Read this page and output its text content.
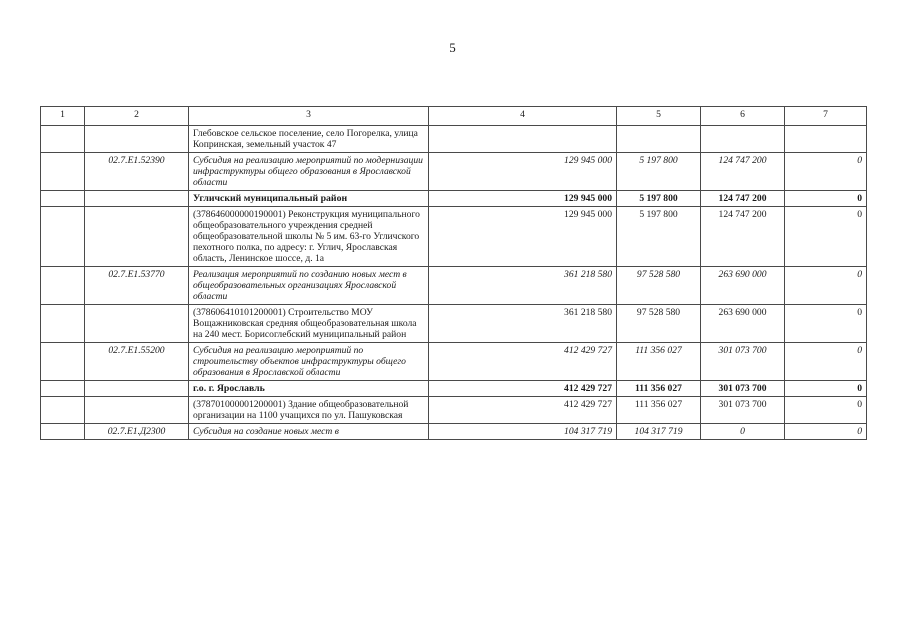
5
1	2	3	4	5	6	7
		Глебовское сельское поселение, село Погорелка, улица Копринская, земельный участок 47				
	02.7.E1.52390	Субсидия на реализацию мероприятий по модернизации инфраструктуры общего образования в Ярославской области	129 945 000	5 197 800	124 747 200	0
		Угличский муниципальный район	129 945 000	5 197 800	124 747 200	0
		(378646000000190001) Реконструкция муниципального общеобразовательного учреждения средней общеобразовательной школы № 5 им. 63-го Угличского пехотного полка, по адресу: г. Углич, Ярославская область, Ленинское шоссе, д. 1а	129 945 000	5 197 800	124 747 200	0
	02.7.E1.53770	Реализация мероприятий по созданию новых мест в общеобразовательных организациях Ярославской области	361 218 580	97 528 580	263 690 000	0
		(378606410101200001) Строительство МОУ Вощажниковская средняя общеобразовательная школа на 240 мест. Борисоглебский муниципальный район	361 218 580	97 528 580	263 690 000	0
	02.7.E1.55200	Субсидия на реализацию мероприятий по строительству объектов инфраструктуры общего образования в Ярославской области	412 429 727	111 356 027	301 073 700	0
		г.о. г. Ярославль	412 429 727	111 356 027	301 073 700	0
		(378701000001200001) Здание общеобразовательной организации на 1100 учащихся по ул. Пашуковская	412 429 727	111 356 027	301 073 700	0
	02.7.E1.Д2300	Субсидия на создание новых мест в	104 317 719	104 317 719	0	0
